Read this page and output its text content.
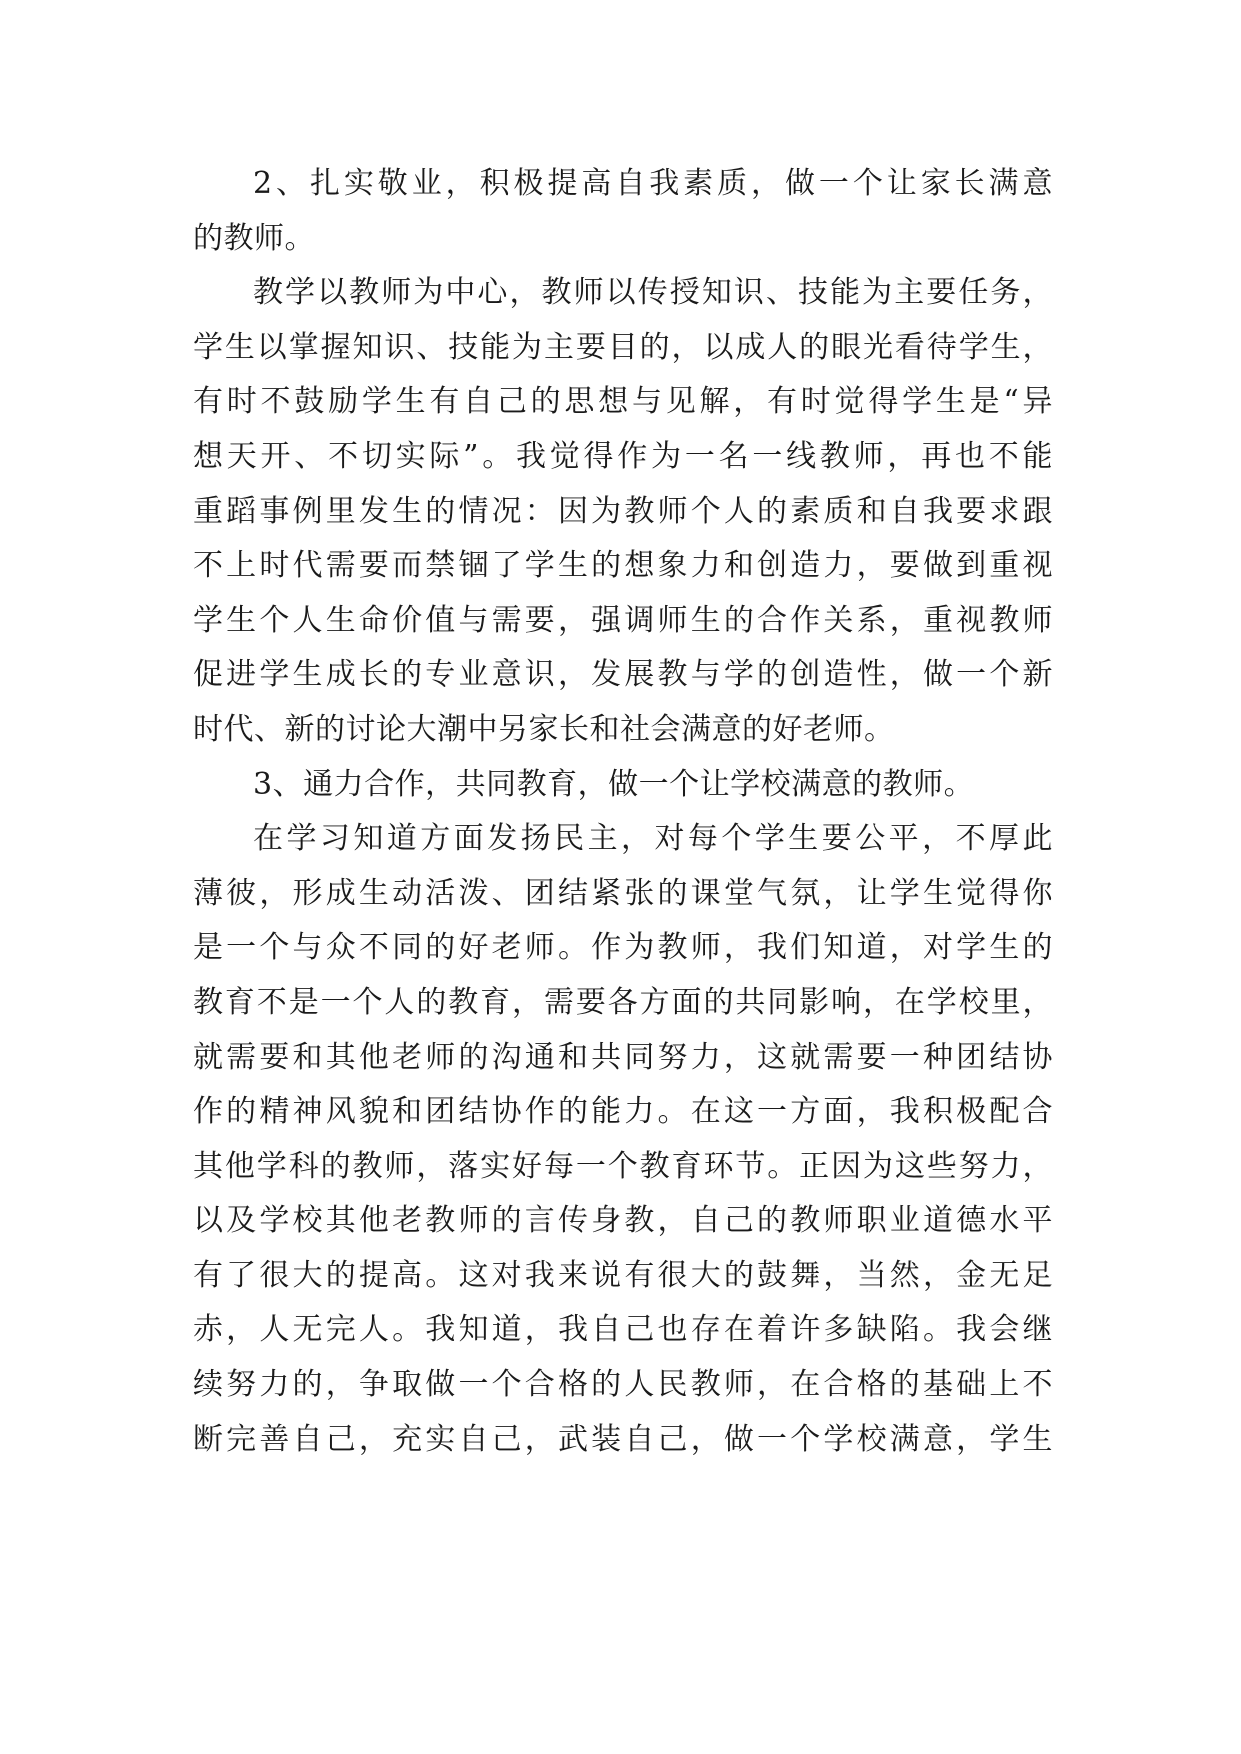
2、扎实敬业，积极提高自我素质，做一个让家长满意
的教师。
教学以教师为中心，教师以传授知识、技能为主要任务，
学生以掌握知识、技能为主要目的，以成人的眼光看待学生，
有时不鼓励学生有自己的思想与见解，有时觉得学生是“异
想天开、不切实际”。我觉得作为一名一线教师，再也不能
重蹈事例里发生的情况：因为教师个人的素质和自我要求跟
不上时代需要而禁锢了学生的想象力和创造力，要做到重视
学生个人生命价值与需要，强调师生的合作关系，重视教师
促进学生成长的专业意识，发展教与学的创造性，做一个新
时代、新的讨论大潮中另家长和社会满意的好老师。
3、通力合作，共同教育，做一个让学校满意的教师。
在学习知道方面发扬民主，对每个学生要公平，不厚此
薄彼，形成生动活泼、团结紧张的课堂气氛，让学生觉得你
是一个与众不同的好老师。作为教师，我们知道，对学生的
教育不是一个人的教育，需要各方面的共同影响，在学校里，
就需要和其他老师的沟通和共同努力，这就需要一种团结协
作的精神风貌和团结协作的能力。在这一方面，我积极配合
其他学科的教师，落实好每一个教育环节。正因为这些努力，
以及学校其他老教师的言传身教，自己的教师职业道德水平
有了很大的提高。这对我来说有很大的鼓舞，当然，金无足
赤，人无完人。我知道，我自己也存在着许多缺陷。我会继
续努力的，争取做一个合格的人民教师，在合格的基础上不
断完善自己，充实自己，武装自己，做一个学校满意，学生
